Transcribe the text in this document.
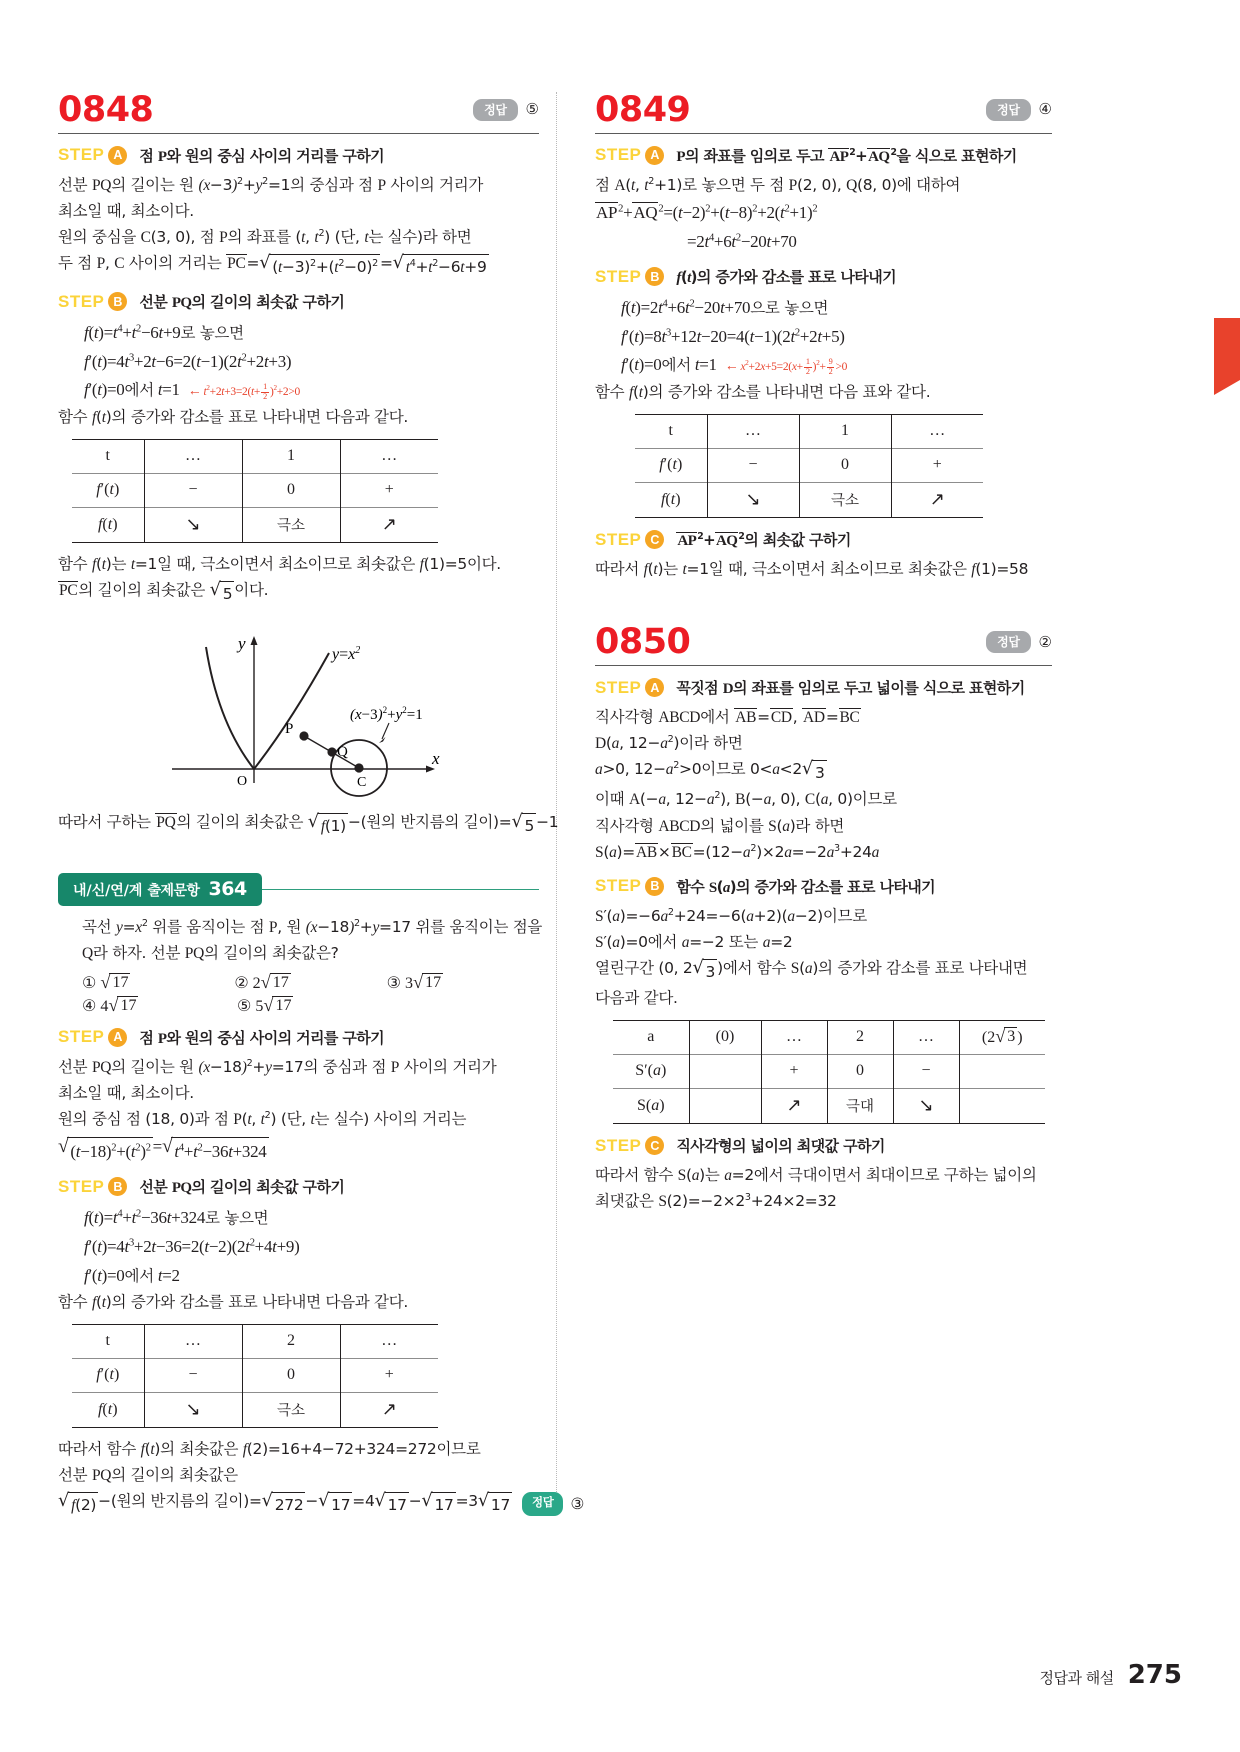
0848	정답	⑤
STEP A	점 P와 원의 중심 사이의 거리를 구하기

선분 PQ의 길이는 원 $(x-3)^2+y^2=1$의 중심과 점 P 사이의 거리가

최소일 때, 최소이다.

원의 중심을 C(3, 0), 점 P의 좌표를 (t, $t^2$) (단, t는 실수)라 하면

두 점 P, C 사이의 거리는 PC= √ $(t-3)^2+(t^2-0)^2$ = √ $t^4+t^2-6t+9$

STEP B	선분 PQ의 길이의 최솟값 구하기

$f(t)=t^4+t^2-6t+9$로 놓으면

$f'(t)=4t^3+2t-6=2(t-1)(2t^2+2t+3)$

f′(t)=0에서 t=1 ← $t^2+2t+3=2(t+ \frac{1}{2} )^2+2>0$

함수 f(t)의 증가와 감소를 표로 나타내면 다음과 같다.

t	…	1	…
f′(t)	−	0	+
f(t)	↘	극소	↗

함수 f(t)는 t=1일 때, 극소이면서 최소이므로 최솟값은 f(1)=5이다.

PC의 길이의 최솟값은 √ 5 이다.

y
x
O
$y=x^2$
P
Q
C
$(x-3)^2+y^2=1$

따라서 구하는 PQ의 길이의 최솟값은 √ f(1) −(원의 반지름의 길이)= √ 5 −1

내/신/연/계 출제문항 364

곡선 $y=x^2$ 위를 움직이는 점 P, 원 $(x-18)^2+y=17$ 위를 움직이는 점을

Q라 하자. 선분 PQ의 길이의 최솟값은?

① √ 17	② 2 √ 17	③ 3 √ 17
④ 4 √ 17	⑤ 5 √ 17
STEP A	점 P와 원의 중심 사이의 거리를 구하기

선분 PQ의 길이는 원 $(x-18)^2+y=17$의 중심과 점 P 사이의 거리가

최소일 때, 최소이다.

원의 중심 점 (18, 0)과 점 P(t, $t^2$) (단, t는 실수) 사이의 거리는

√ $(t-18)^2+(t^2)^2$ = √ $t^4+t^2-36t+324$

STEP B	선분 PQ의 길이의 최솟값 구하기

$f(t)=t^4+t^2-36t+324$로 놓으면

$f'(t)=4t^3+2t-36=2(t-2)(2t^2+4t+9)$

f′(t)=0에서 t=2

함수 f(t)의 증가와 감소를 표로 나타내면 다음과 같다.

t	…	2	…
f′(t)	−	0	+
f(t)	↘	극소	↗

따라서 함수 f(t)의 최솟값은 f(2)=16+4−72+324=272이므로

선분 PQ의 길이의 최솟값은

√ f(2) −(원의 반지름의 길이)= √ 272 − √ 17 =4 √ 17 − √ 17 =3 √ 17	정답	③

0849	정답	④
STEP A	P의 좌표를 임의로 두고 $AP^2+AQ^2$을 식으로 표현하기

점 A(t, $t^2+1$)로 놓으면 두 점 P(2, 0), Q(8, 0)에 대하여

$AP^2+AQ^2=(t-2)^2+(t-8)^2+2(t^2+1)^2$

$=2t^4+6t^2-20t+70$

STEP B	f(t)의 증가와 감소를 표로 나타내기

$f(t)=2t^4+6t^2-20t+70$으로 놓으면

$f'(t)=8t^3+12t-20=4(t-1)(2t^2+2t+5)$

f′(t)=0에서 t=1 ← $x^2+2x+5=2(x+ \frac{1}{2} )^2+ \frac{9}{2} >0$

함수 f(t)의 증가와 감소를 나타내면 다음 표와 같다.

t	…	1	…
f′(t)	−	0	+
f(t)	↘	극소	↗
STEP C	$AP^2+AQ^2$의 최솟값 구하기

따라서 f(t)는 t=1일 때, 극소이면서 최소이므로 최솟값은 f(1)=58

0850	정답	②
STEP A	꼭짓점 D의 좌표를 임의로 두고 넓이를 식으로 표현하기

직사각형 ABCD에서 AB=CD, AD=BC

D(a, $12-a^2$)이라 하면

a>0, $12-a^2>0$이므로 0<a<2 √ 3

이때 A(−a, $12-a^2$), B(−a, 0), C(a, 0)이므로

직사각형 ABCD의 넓이를 S(a)라 하면

$S(a)=AB\times BC=(12-a^2)\times 2a=-2a^3+24a$

STEP B	함수 S(a)의 증가와 감소를 표로 나타내기

$S'(a)=-6a^2+24=-6(a+2)(a-2)$이므로

S′(a)=0에서 a=−2 또는 a=2

열린구간 (0, 2 √ 3 )에서 함수 S(a)의 증가와 감소를 표로 나타내면

다음과 같다.

a	(0)	…	2	…	(2 √ 3 )
S′(a)		+	0	−	
S(a)		↗	극대	↘	
STEP C	직사각형의 넓이의 최댓값 구하기

따라서 함수 S(a)는 a=2에서 극대이면서 최대이므로 구하는 넓이의

최댓값은 $S(2)=-2\times 2^3+24\times 2=32$

정답과 해설 275
